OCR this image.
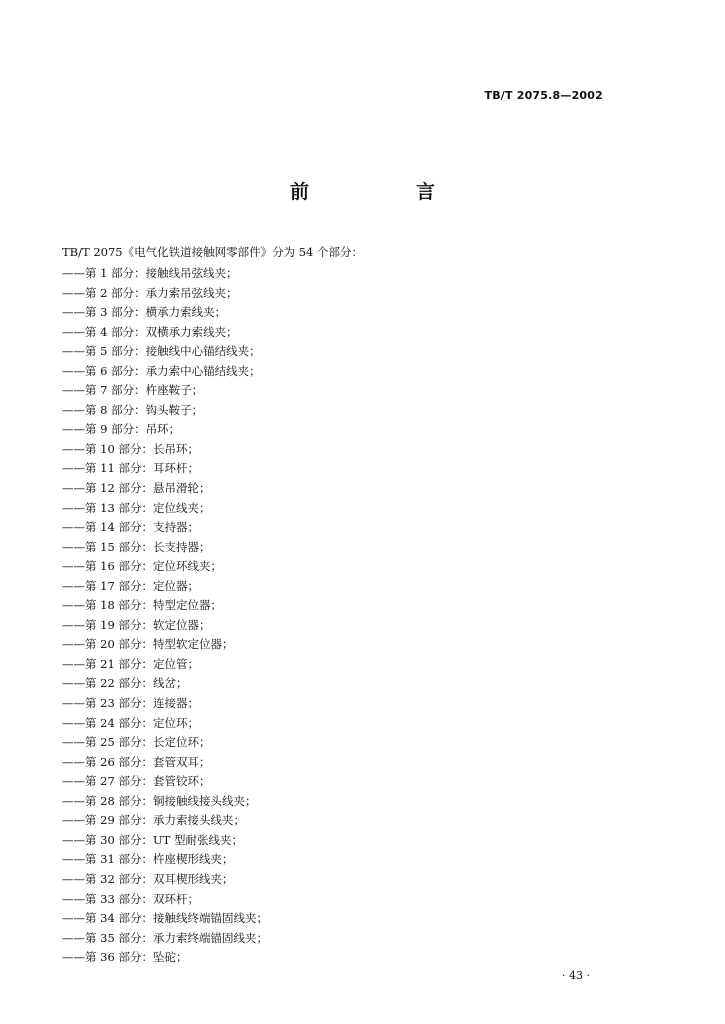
TB/T 2075.8—2002
前　言
TB/T 2075《电气化铁道接触网零部件》分为 54 个部分：
——第 1 部分：接触线吊弦线夹；
——第 2 部分：承力索吊弦线夹；
——第 3 部分：横承力索线夹；
——第 4 部分：双横承力索线夹；
——第 5 部分：接触线中心锚结线夹；
——第 6 部分：承力索中心锚结线夹；
——第 7 部分：杵座鞍子；
——第 8 部分：钩头鞍子；
——第 9 部分：吊环；
——第 10 部分：长吊环；
——第 11 部分：耳环杆；
——第 12 部分：悬吊滑轮；
——第 13 部分：定位线夹；
——第 14 部分：支持器；
——第 15 部分：长支持器；
——第 16 部分：定位环线夹；
——第 17 部分：定位器；
——第 18 部分：特型定位器；
——第 19 部分：软定位器；
——第 20 部分：特型软定位器；
——第 21 部分：定位管；
——第 22 部分：线岔；
——第 23 部分：连接器；
——第 24 部分：定位环；
——第 25 部分：长定位环；
——第 26 部分：套管双耳；
——第 27 部分：套管铰环；
——第 28 部分：铜接触线接头线夹；
——第 29 部分：承力索接头线夹；
——第 30 部分：UT 型耐张线夹；
——第 31 部分：杵座楔形线夹；
——第 32 部分：双耳楔形线夹；
——第 33 部分：双环杆；
——第 34 部分：接触线终端锚固线夹；
——第 35 部分：承力索终端锚固线夹；
——第 36 部分：坠砣；
· 43 ·
